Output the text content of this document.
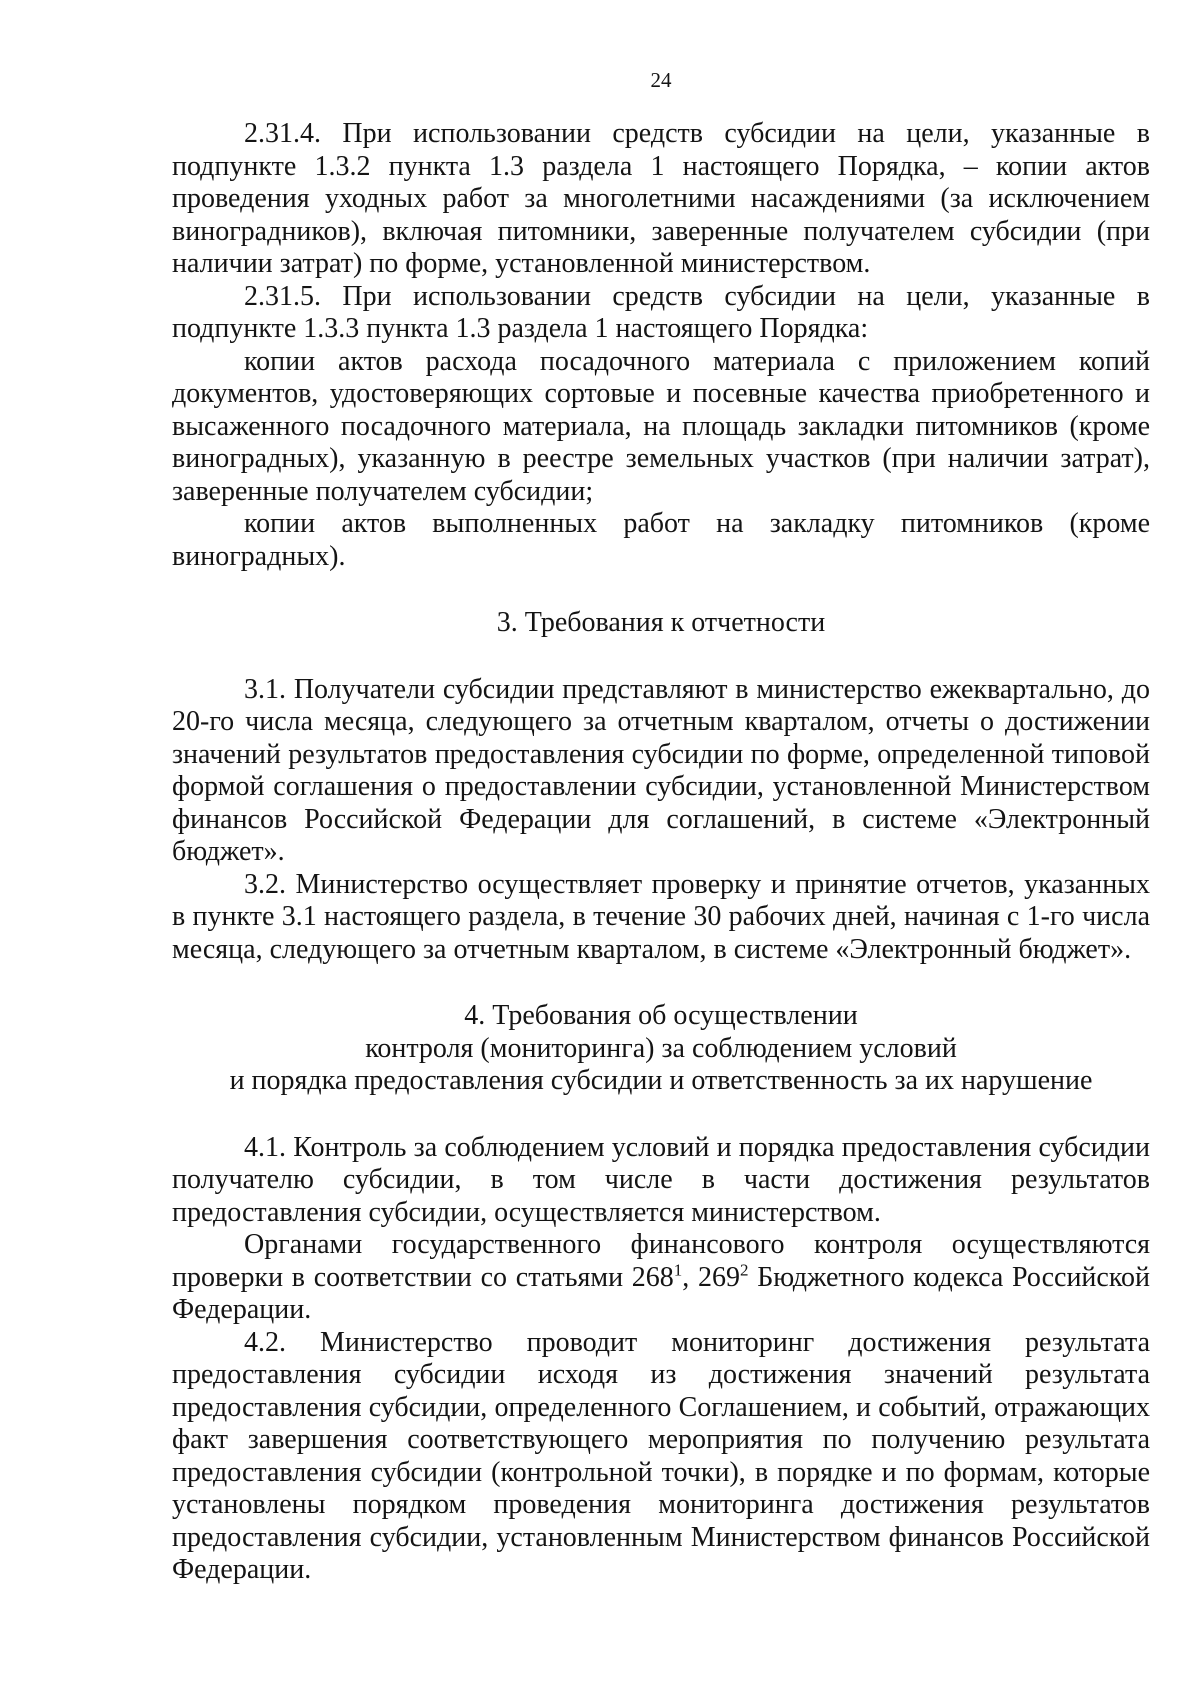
24

2.31.4. При использовании средств субсидии на цели, указанные в подпункте 1.3.2 пункта 1.3 раздела 1 настоящего Порядка, – копии актов проведения уходных работ за многолетними насаждениями (за исключением виноградников), включая питомники, заверенные получателем субсидии (при наличии затрат) по форме, установленной министерством.

2.31.5. При использовании средств субсидии на цели, указанные в подпункте 1.3.3 пункта 1.3 раздела 1 настоящего Порядка:

копии актов расхода посадочного материала с приложением копий документов, удостоверяющих сортовые и посевные качества приобретенного и высаженного посадочного материала, на площадь закладки питомников (кроме виноградных), указанную в реестре земельных участков (при наличии затрат), заверенные получателем субсидии;

копии актов выполненных работ на закладку питомников (кроме виноградных).

3. Требования к отчетности

3.1. Получатели субсидии представляют в министерство ежеквартально, до 20-го числа месяца, следующего за отчетным кварталом, отчеты о достижении значений результатов предоставления субсидии по форме, определенной типовой формой соглашения о предоставлении субсидии, установленной Министерством финансов Российской Федерации для соглашений, в системе «Электронный бюджет».

3.2. Министерство осуществляет проверку и принятие отчетов, указанных в пункте 3.1 настоящего раздела, в течение 30 рабочих дней, начиная с 1-го числа месяца, следующего за отчетным кварталом, в системе «Электронный бюджет».

4. Требования об осуществлении
контроля (мониторинга) за соблюдением условий
и порядка предоставления субсидии и ответственность за их нарушение

4.1. Контроль за соблюдением условий и порядка предоставления субсидии получателю субсидии, в том числе в части достижения результатов предоставления субсидии, осуществляется министерством.

Органами государственного финансового контроля осуществляются проверки в соответствии со статьями $268^1$, $269^2$ Бюджетного кодекса Российской Федерации.

4.2. Министерство проводит мониторинг достижения результата предоставления субсидии исходя из достижения значений результата предоставления субсидии, определенного Соглашением, и событий, отражающих факт завершения соответствующего мероприятия по получению результата предоставления субсидии (контрольной точки), в порядке и по формам, которые установлены порядком проведения мониторинга достижения результатов предоставления субсидии, установленным Министерством финансов Российской Федерации.
